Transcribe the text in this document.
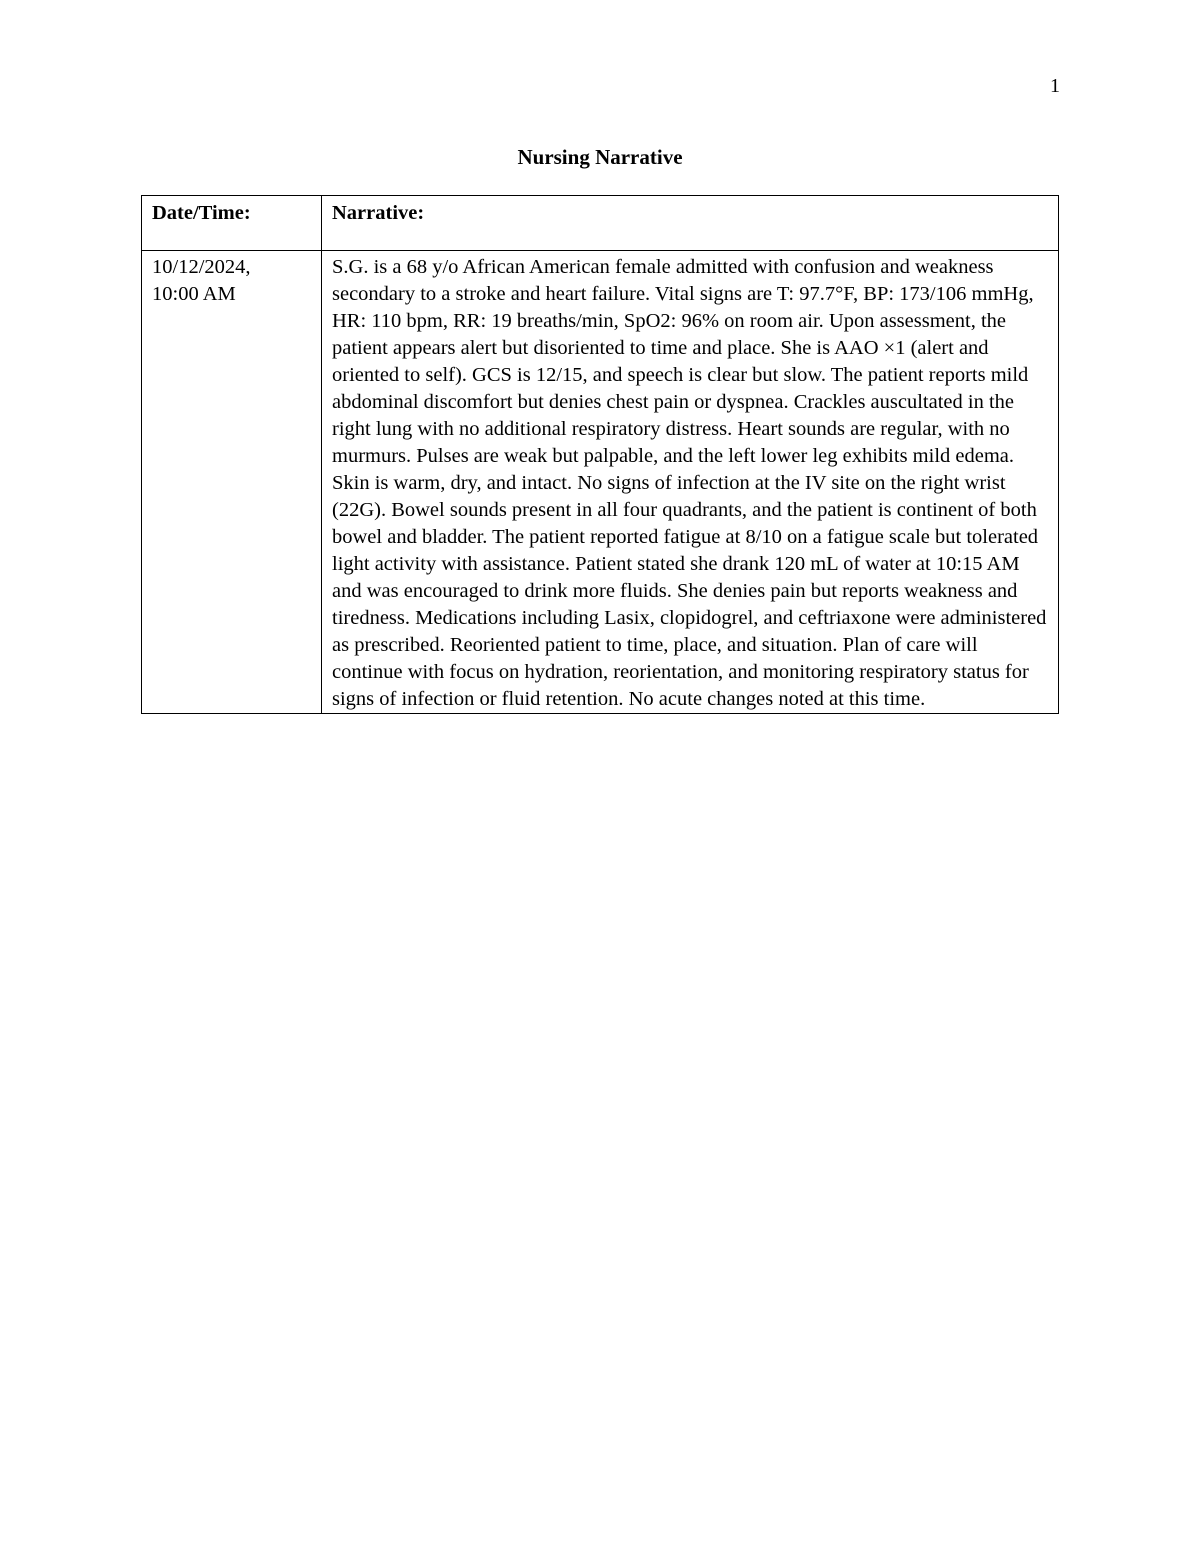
1
Nursing Narrative
Date/Time:	Narrative:
10/12/2024,
10:00 AM	S.G. is a 68 y/o African American female admitted with confusion and weakness secondary to a stroke and heart failure. Vital signs are T: 97.7°F, BP: 173/106 mmHg, HR: 110 bpm, RR: 19 breaths/min, SpO2: 96% on room air. Upon assessment, the patient appears alert but disoriented to time and place. She is AAO ×1 (alert and oriented to self). GCS is 12/15, and speech is clear but slow. The patient reports mild abdominal discomfort but denies chest pain or dyspnea. Crackles auscultated in the right lung with no additional respiratory distress. Heart sounds are regular, with no murmurs. Pulses are weak but palpable, and the left lower leg exhibits mild edema. Skin is warm, dry, and intact. No signs of infection at the IV site on the right wrist (22G). Bowel sounds present in all four quadrants, and the patient is continent of both bowel and bladder. The patient reported fatigue at 8/10 on a fatigue scale but tolerated light activity with assistance. Patient stated she drank 120 mL of water at 10:15 AM and was encouraged to drink more fluids. She denies pain but reports weakness and tiredness. Medications including Lasix, clopidogrel, and ceftriaxone were administered as prescribed. Reoriented patient to time, place, and situation. Plan of care will continue with focus on hydration, reorientation, and monitoring respiratory status for signs of infection or fluid retention. No acute changes noted at this time.
